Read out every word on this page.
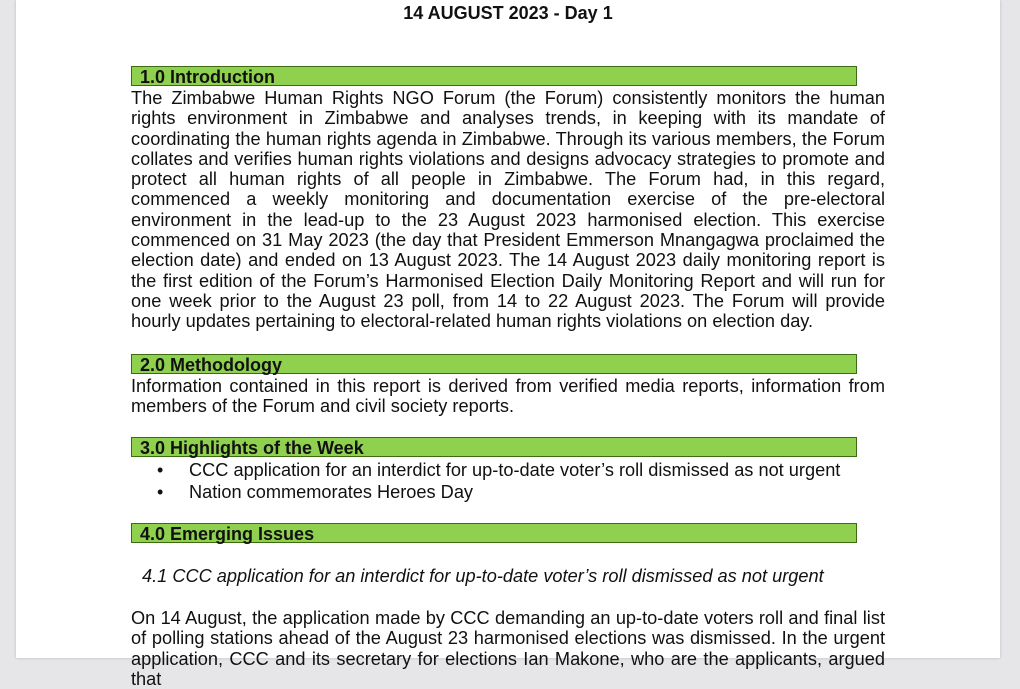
14 AUGUST 2023 - Day 1
1.0 Introduction

The Zimbabwe Human Rights NGO Forum (the Forum) consistently monitors the human rights environment in Zimbabwe and analyses trends, in keeping with its mandate of coordinating the human rights agenda in Zimbabwe. Through its various members, the Forum collates and verifies human rights violations and designs advocacy strategies to promote and protect all human rights of all people in Zimbabwe. The Forum had, in this regard, commenced a weekly monitoring and documentation exercise of the pre-electoral environment in the lead-up to the 23 August 2023 harmonised election. This exercise commenced on 31 May 2023 (the day that President Emmerson Mnangagwa proclaimed the election date) and ended on 13 August 2023. The 14 August 2023 daily monitoring report is the first edition of the Forum’s Harmonised Election Daily Monitoring Report and will run for one week prior to the August 23 poll, from 14 to 22 August 2023. The Forum will provide hourly updates pertaining to electoral-related human rights violations on election day.

2.0 Methodology

Information contained in this report is derived from verified media reports, information from members of the Forum and civil society reports.

3.0 Highlights of the Week
• CCC application for an interdict for up-to-date voter’s roll dismissed as not urgent
• Nation commemorates Heroes Day
4.0 Emerging Issues
4.1 CCC application for an interdict for up-to-date voter’s roll dismissed as not urgent

On 14 August, the application made by CCC demanding an up-to-date voters roll and final list of polling stations ahead of the August 23 harmonised elections was dismissed. In the urgent application, CCC and its secretary for elections Ian Makone, who are the applicants, argued that
